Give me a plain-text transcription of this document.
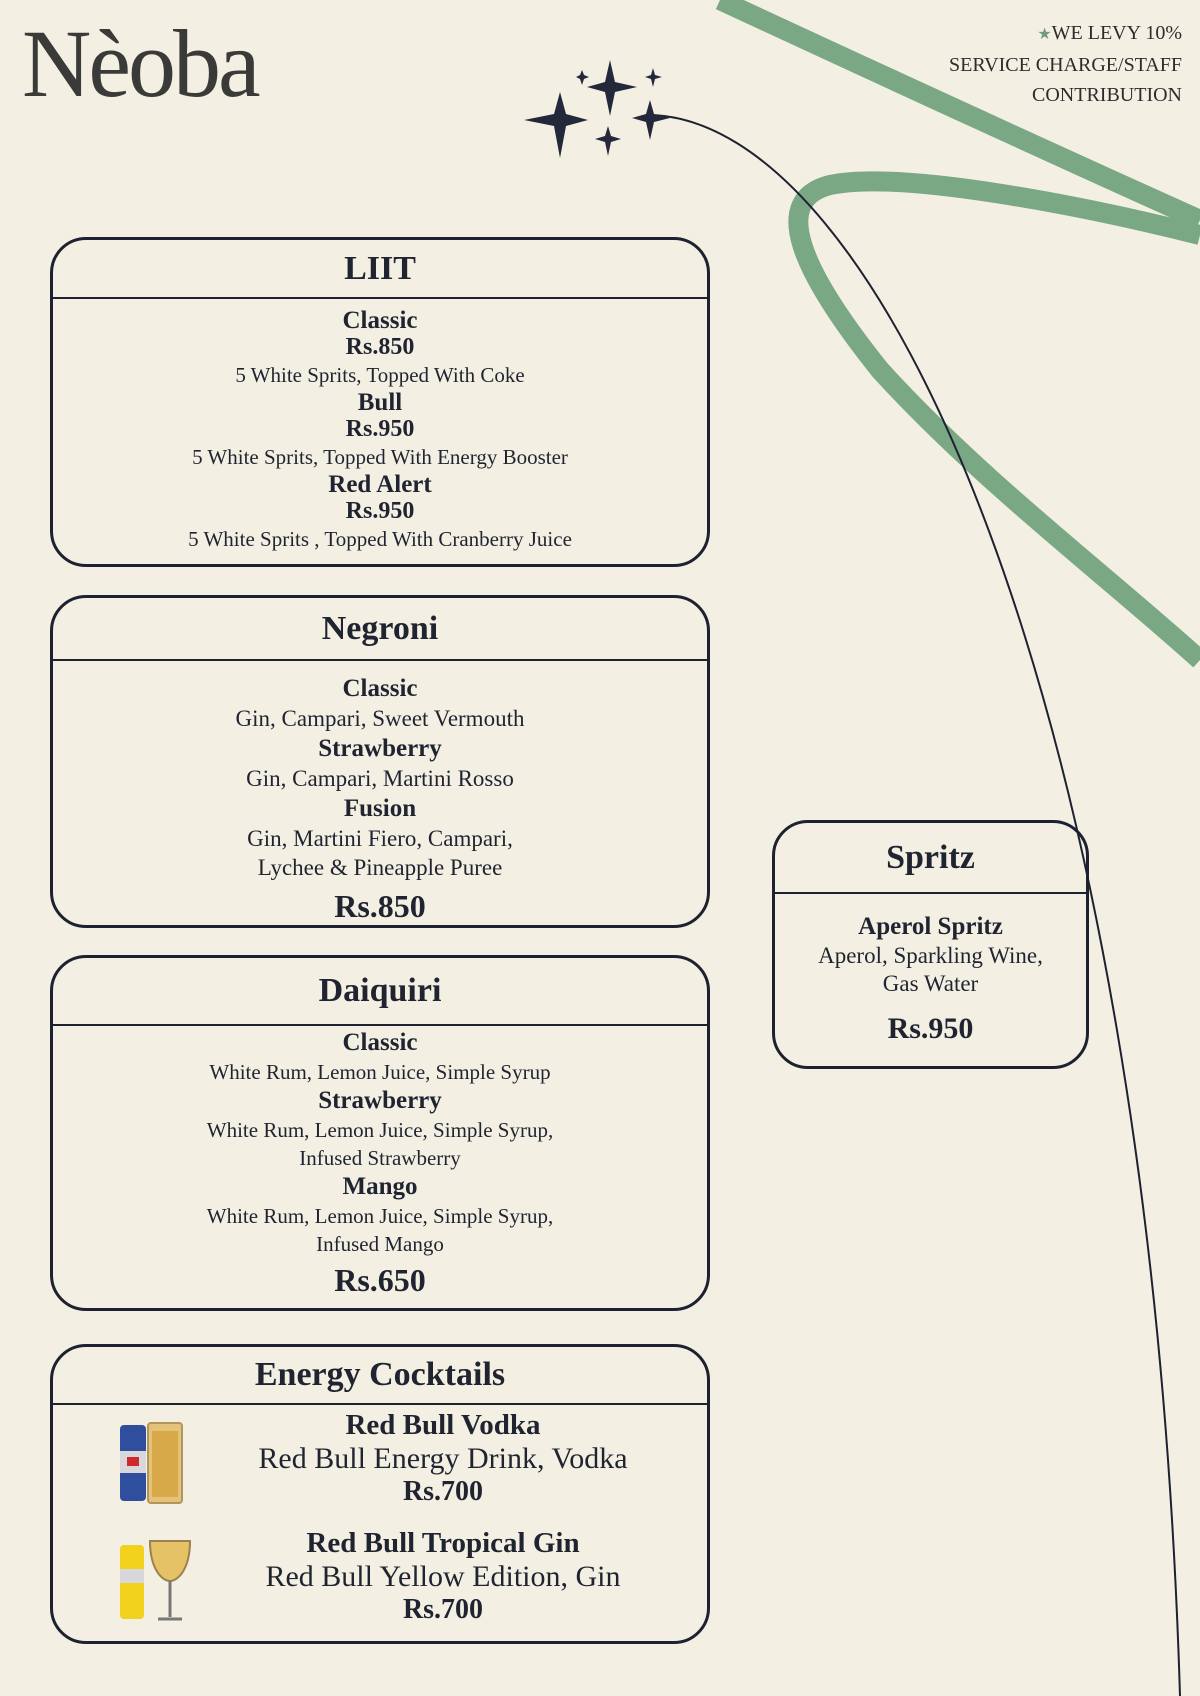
Nèoba	★WE LEVY 10%
SERVICE CHARGE/STAFF
CONTRIBUTION
LIIT
Classic
Rs.850
5 White Sprits, Topped With Coke
Bull
Rs.950
5 White Sprits, Topped With Energy Booster
Red Alert
Rs.950
5 White Sprits , Topped With Cranberry Juice
Negroni
Classic
Gin, Campari, Sweet Vermouth
Strawberry
Gin, Campari, Martini Rosso
Fusion
Gin, Martini Fiero, Campari,
Lychee & Pineapple Puree
Rs.850
Daiquiri
Classic
White Rum, Lemon Juice, Simple Syrup
Strawberry
White Rum, Lemon Juice, Simple Syrup,
Infused Strawberry
Mango
White Rum, Lemon Juice, Simple Syrup,
Infused Mango
Rs.650
Energy Cocktails
Red Bull Vodka
Red Bull Energy Drink, Vodka
Rs.700
Red Bull Tropical Gin
Red Bull Yellow Edition, Gin
Rs.700
Spritz
Aperol Spritz
Aperol, Sparkling Wine,
Gas Water
Rs.950
